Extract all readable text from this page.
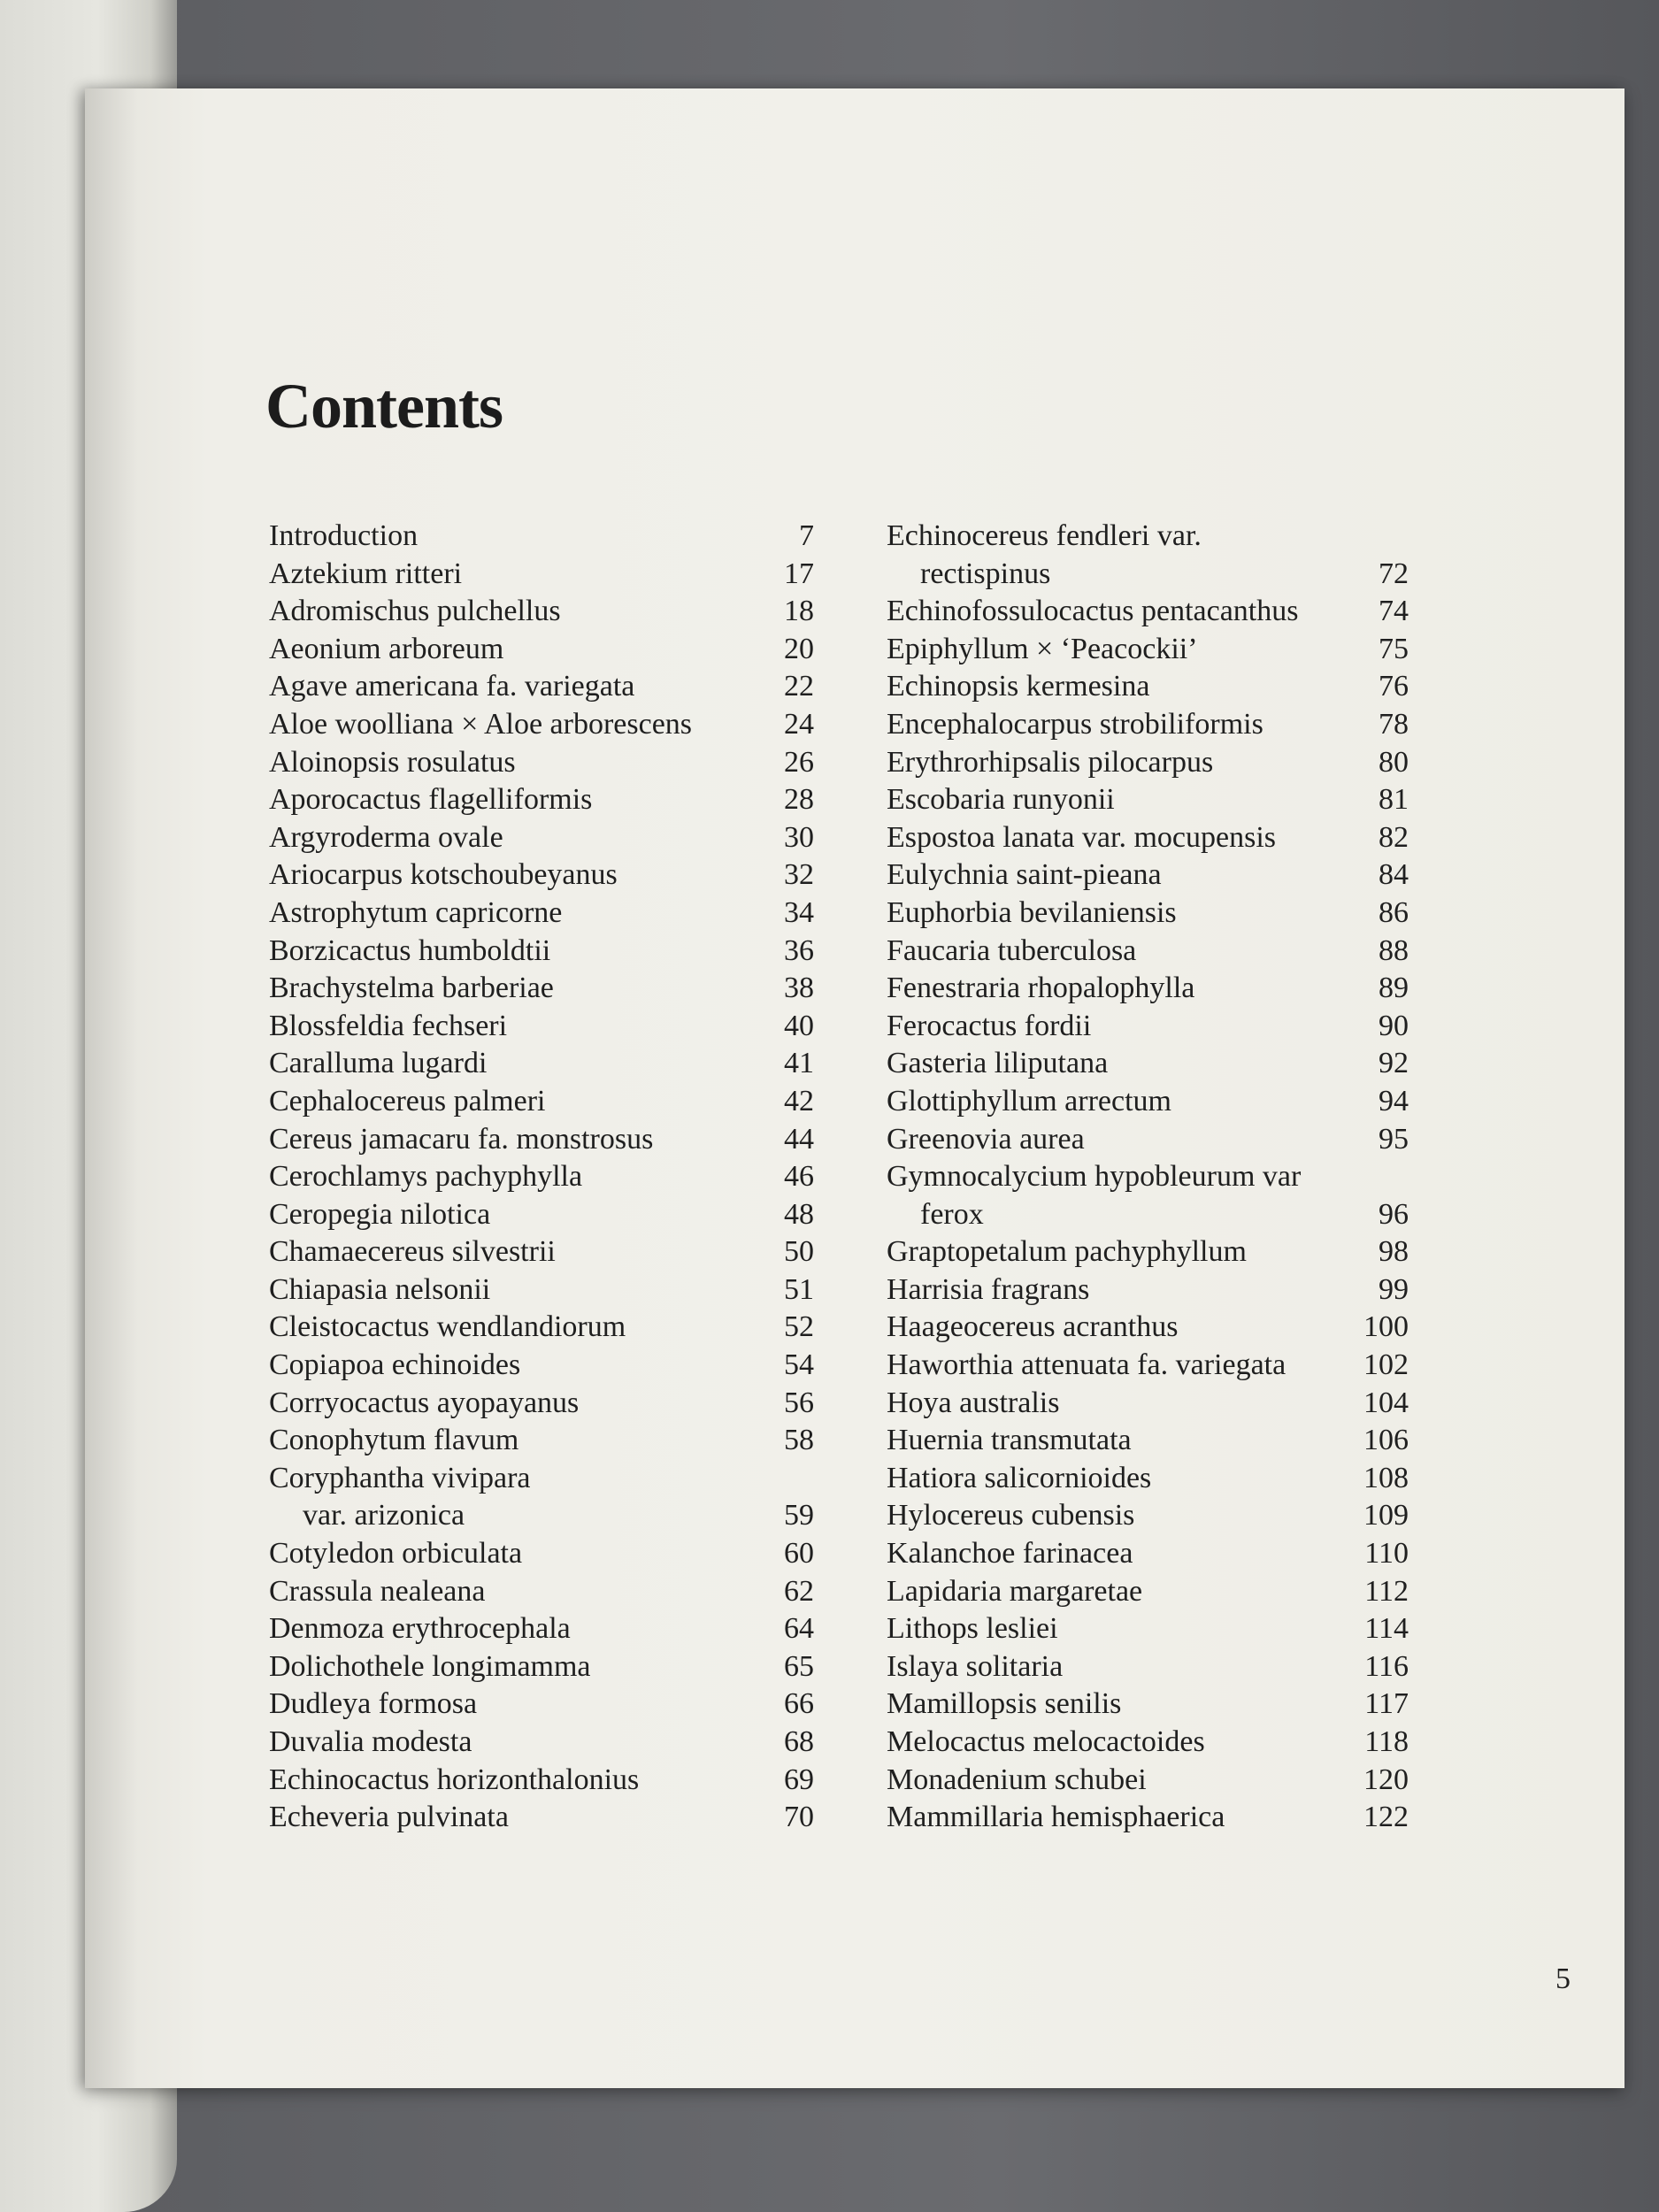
Contents
Introduction	7
Aztekium ritteri	17
Adromischus pulchellus	18
Aeonium arboreum	20
Agave americana fa. variegata	22
Aloe woolliana × Aloe arborescens	24
Aloinopsis rosulatus	26
Aporocactus flagelliformis	28
Argyroderma ovale	30
Ariocarpus kotschoubeyanus	32
Astrophytum capricorne	34
Borzicactus humboldtii	36
Brachystelma barberiae	38
Blossfeldia fechseri	40
Caralluma lugardi	41
Cephalocereus palmeri	42
Cereus jamacaru fa. monstrosus	44
Cerochlamys pachyphylla	46
Ceropegia nilotica	48
Chamaecereus silvestrii	50
Chiapasia nelsonii	51
Cleistocactus wendlandiorum	52
Copiapoa echinoides	54
Corryocactus ayopayanus	56
Conophytum flavum	58
Coryphantha vivipara
var. arizonica	59
Cotyledon orbiculata	60
Crassula nealeana	62
Denmoza erythrocephala	64
Dolichothele longimamma	65
Dudleya formosa	66
Duvalia modesta	68
Echinocactus horizonthalonius	69
Echeveria pulvinata	70
Echinocereus fendleri var.
rectispinus	72
Echinofossulocactus pentacanthus	74
Epiphyllum × ‘Peacockii’	75
Echinopsis kermesina	76
Encephalocarpus strobiliformis	78
Erythrorhipsalis pilocarpus	80
Escobaria runyonii	81
Espostoa lanata var. mocupensis	82
Eulychnia saint-pieana	84
Euphorbia bevilaniensis	86
Faucaria tuberculosa	88
Fenestraria rhopalophylla	89
Ferocactus fordii	90
Gasteria liliputana	92
Glottiphyllum arrectum	94
Greenovia aurea	95
Gymnocalycium hypobleurum var
ferox	96
Graptopetalum pachyphyllum	98
Harrisia fragrans	99
Haageocereus acranthus	100
Haworthia attenuata fa. variegata	102
Hoya australis	104
Huernia transmutata	106
Hatiora salicornioides	108
Hylocereus cubensis	109
Kalanchoe farinacea	110
Lapidaria margaretae	112
Lithops lesliei	114
Islaya solitaria	116
Mamillopsis senilis	117
Melocactus melocactoides	118
Monadenium schubei	120
Mammillaria hemisphaerica	122
5
